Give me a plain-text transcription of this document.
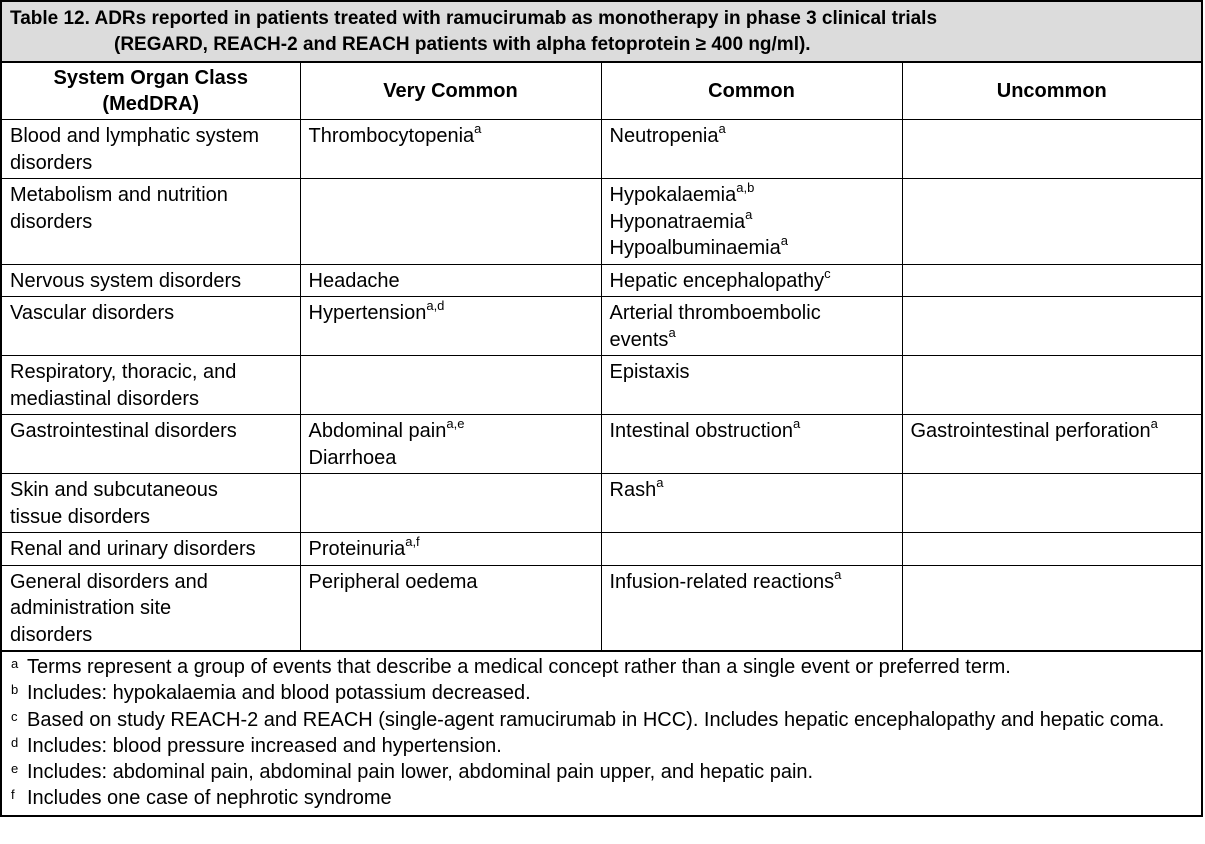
Table 12. ADRs reported in patients treated with ramucirumab as monotherapy in phase 3 clinical trials
(REGARD, REACH-2 and REACH patients with alpha fetoprotein ≥ 400 ng/ml).
System Organ Class
(MedDRA)	Very Common	Common	Uncommon

Blood and lymphatic system
disorders	Thrombocytopenia$^a$	Neutropenia$^a$

Metabolism and nutrition
disorders		Hypokalaemia$^{a,b}$
Hyponatraemia$^a$
Hypoalbuminaemia$^a$

Nervous system disorders	Headache	Hepatic encephalopathy$^c$

Vascular disorders	Hypertension$^{a,d}$	Arterial thromboembolic
events$^a$

Respiratory, thoracic, and
mediastinal disorders		Epistaxis	

Gastrointestinal disorders	Abdominal pain$^{a,e}$
Diarrhoea	Intestinal obstruction$^a$	Gastrointestinal perforation$^a$

Skin and subcutaneous
tissue disorders		Rash$^a$

Renal and urinary disorders	Proteinuria$^{a,f}$

General disorders and
administration site
disorders	Peripheral oedema	Infusion-related reactions$^a$

a Terms represent a group of events that describe a medical concept rather than a single event or preferred term.
b Includes: hypokalaemia and blood potassium decreased.
c Based on study REACH-2 and REACH (single-agent ramucirumab in HCC). Includes hepatic encephalopathy and hepatic coma.
d Includes: blood pressure increased and hypertension.
e Includes: abdominal pain, abdominal pain lower, abdominal pain upper, and hepatic pain.
f Includes one case of nephrotic syndrome
